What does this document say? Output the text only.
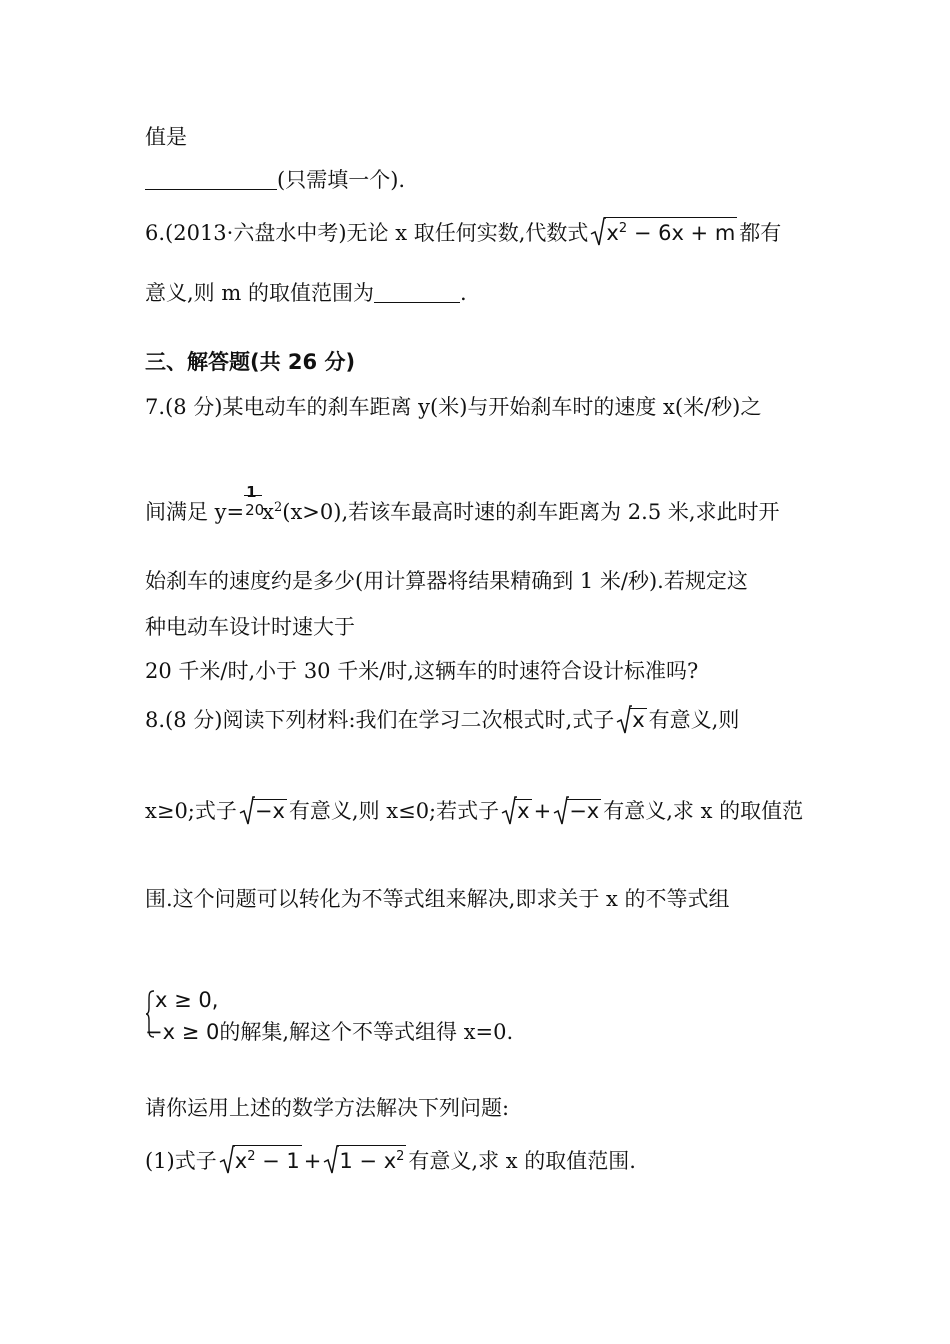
值是
(只需填一个).
6.(2013·六盘水中考)无论 x 取任何实数,代数式 $x^2 - 6x + m$ 都有
意义,则 m 的取值范围为	.
三、解答题(共 26 分)
7.(8 分)某电动车的刹车距离 y(米)与开始刹车时的速度 x(米/秒)之
间满足 y=
1
20
$x^2(x>0)$,若该车最高时速的刹车距离为 2.5 米,求此时开
始刹车的速度约是多少(用计算器将结果精确到 1 米/秒).若规定这
种电动车设计时速大于
20 千米/时,小于 30 千米/时,这辆车的时速符合设计标准吗?
8.(8 分)阅读下列材料:我们在学习二次根式时,式子 x 有意义,则
x≥0;式子 −x 有意义,则 x≤0;若式子 x + −x 有意义,求 x 的取值范
围.这个问题可以转化为不等式组来解决,即求关于 x 的不等式组
x ≥ 0,
−x ≥ 0的解集,解这个不等式组得 x=0.
请你运用上述的数学方法解决下列问题:
(1)式子 $x^2 - 1 + 1 - x^2$ 有意义,求 x 的取值范围.
